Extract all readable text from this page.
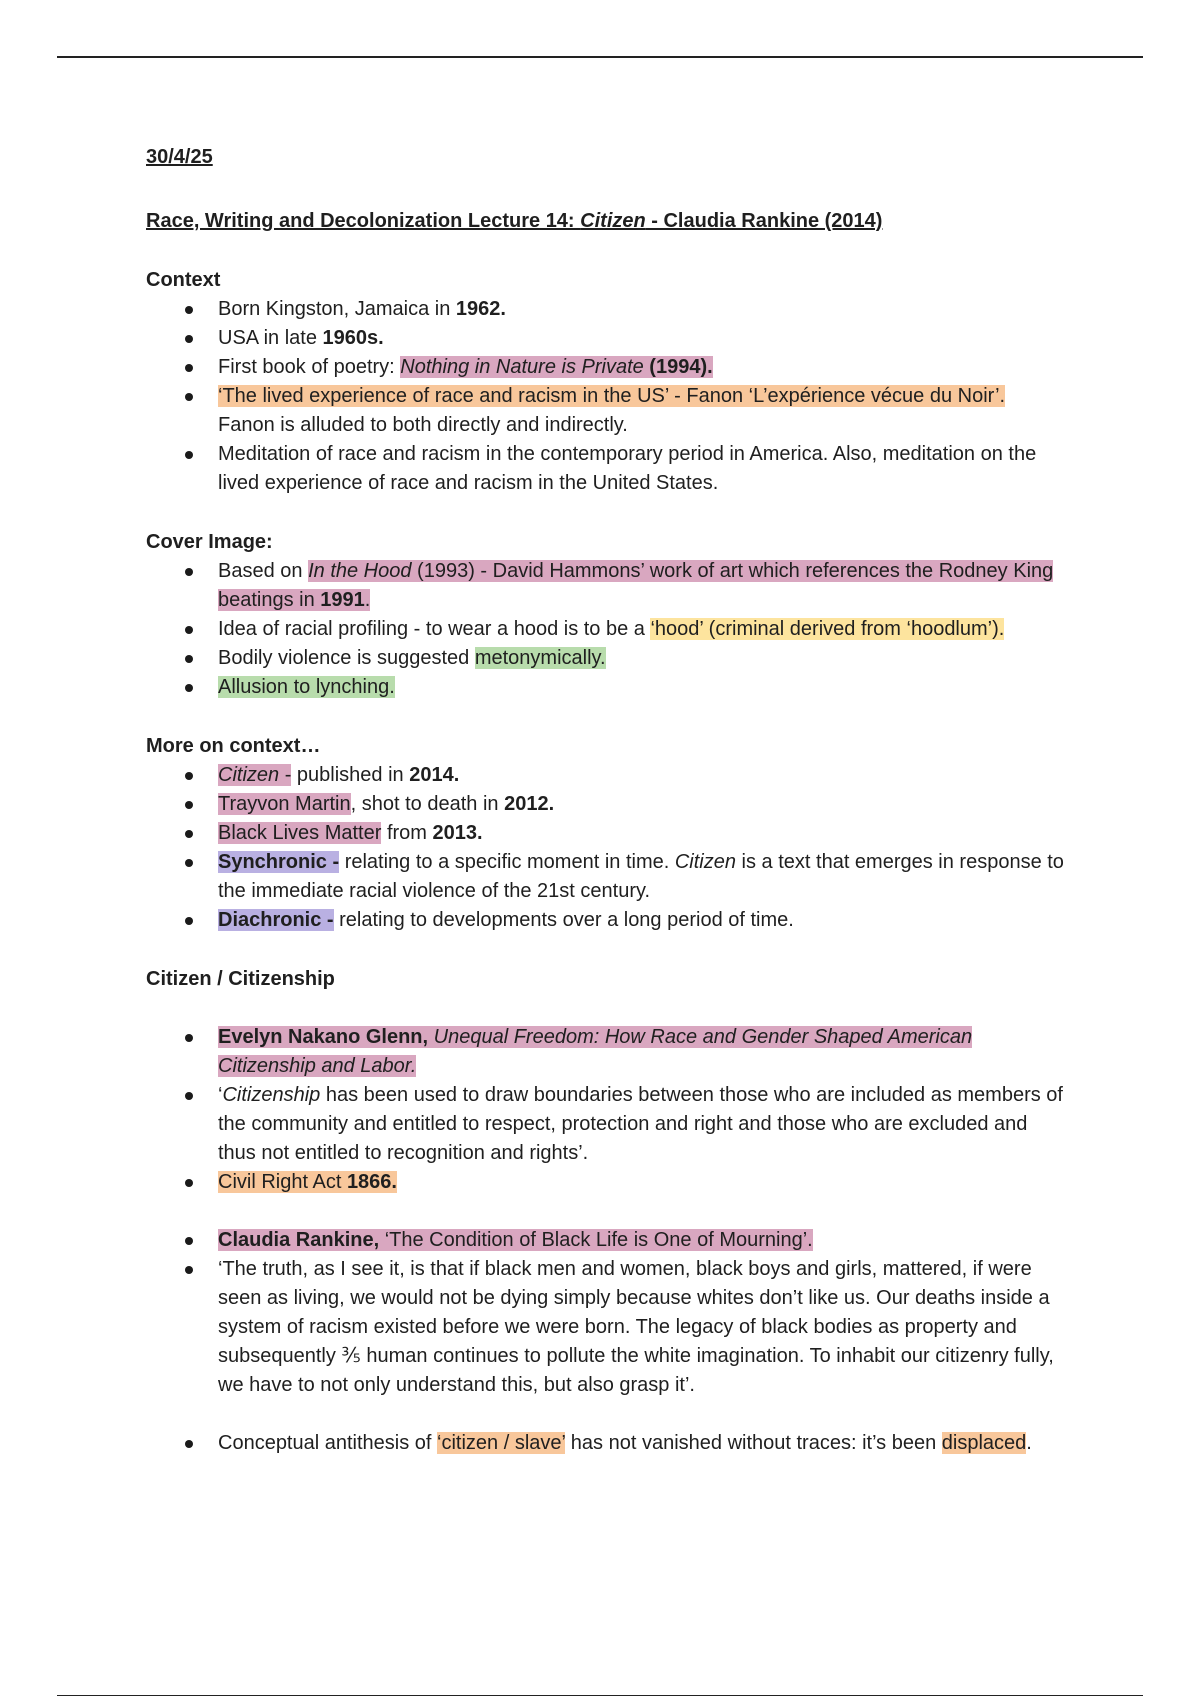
30/4/25

Race, Writing and Decolonization Lecture 14: Citizen - Claudia Rankine (2014)

Context

Born Kingston, Jamaica in 1962.
USA in late 1960s.
First book of poetry: Nothing in Nature is Private (1994).
‘The lived experience of race and racism in the US’ - Fanon ‘L’expérience vécue du Noir’. Fanon is alluded to both directly and indirectly.
Meditation of race and racism in the contemporary period in America. Also, meditation on the lived experience of race and racism in the United States.

Cover Image:

Based on In the Hood (1993) - David Hammons’ work of art which references the Rodney King beatings in 1991.
Idea of racial profiling - to wear a hood is to be a ‘hood’ (criminal derived from ‘hoodlum’).
Bodily violence is suggested metonymically.
Allusion to lynching.

More on context…

Citizen - published in 2014.
Trayvon Martin, shot to death in 2012.
Black Lives Matter from 2013.
Synchronic - relating to a specific moment in time. Citizen is a text that emerges in response to the immediate racial violence of the 21st century.
Diachronic - relating to developments over a long period of time.

Citizen / Citizenship

Evelyn Nakano Glenn, Unequal Freedom: How Race and Gender Shaped American Citizenship and Labor.
‘Citizenship has been used to draw boundaries between those who are included as members of the community and entitled to respect, protection and right and those who are excluded and thus not entitled to recognition and rights’.
Civil Right Act 1866.
Claudia Rankine, ‘The Condition of Black Life is One of Mourning’.
‘The truth, as I see it, is that if black men and women, black boys and girls, mattered, if were seen as living, we would not be dying simply because whites don’t like us. Our deaths inside a system of racism existed before we were born. The legacy of black bodies as property and subsequently ⅗ human continues to pollute the white imagination. To inhabit our citizenry fully, we have to not only understand this, but also grasp it’.
Conceptual antithesis of ‘citizen / slave’ has not vanished without traces: it’s been displaced.
